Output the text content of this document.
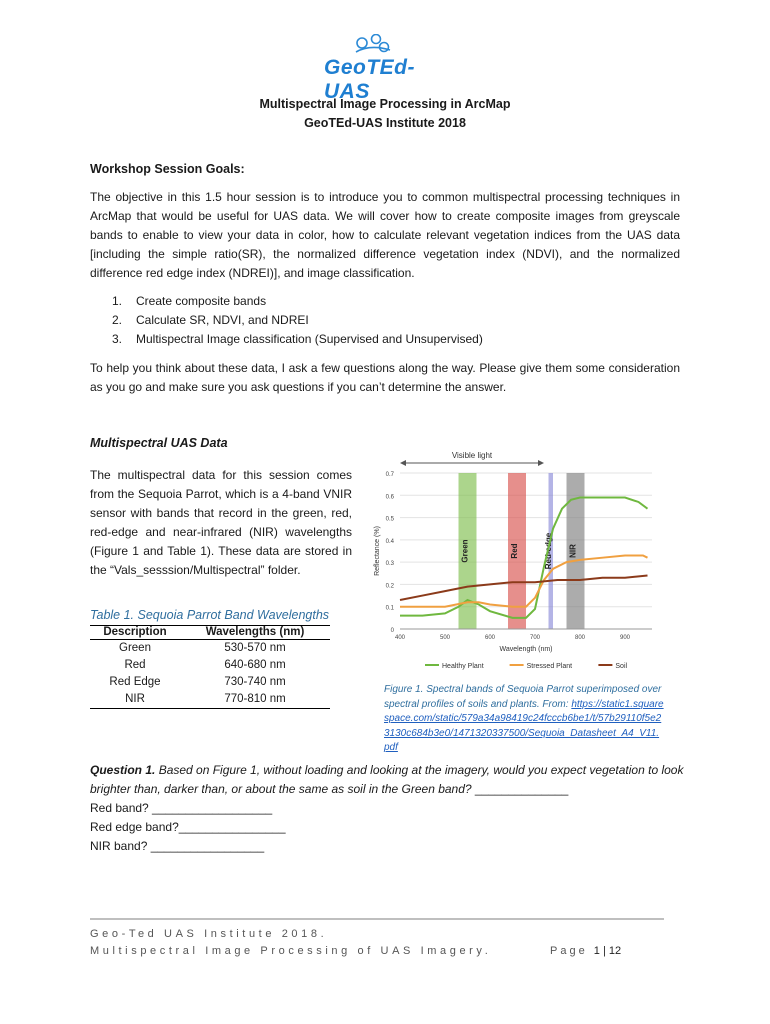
GeoTEd-UAS
Multispectral Image Processing in ArcMap
GeoTEd-UAS Institute 2018
Workshop Session Goals:
The objective in this 1.5 hour session is to introduce you to common multispectral processing techniques in ArcMap that would be useful for UAS data. We will cover how to create composite images from greyscale bands to enable to view your data in color, how to calculate relevant vegetation indices from the UAS data [including the simple ratio(SR), the normalized difference vegetation index (NDVI), and the normalized difference red edge index (NDREI)], and image classification.
1. Create composite bands
2. Calculate SR, NDVI, and NDREI
3. Multispectral Image classification (Supervised and Unsupervised)
To help you think about these data, I ask a few questions along the way. Please give them some consideration as you go and make sure you ask questions if you can’t determine the answer.
Multispectral UAS Data
The multispectral data for this session comes from the Sequoia Parrot, which is a 4-band VNIR sensor with bands that record in the green, red, red-edge and near-infrared (NIR) wavelengths (Figure 1 and Table 1). These data are stored in the “Vals_sesssion/Multispectral” folder.
Table 1. Sequoia Parrot Band Wavelengths
Description	Wavelengths (nm)
Green	530-570 nm
Red	640-680 nm
Red Edge	730-740 nm
NIR	770-810 nm
0
0.1
0.2
0.3
0.4
0.5
0.6
0.7
400	500	600	700	800	900
Green	Red	Red-edge NIR
Visible light
Wavelength (nm)
Reflectance (%)
Healthy Plant	Stressed Plant	Soil
Figure 1. Spectral bands of Sequoia Parrot superimposed over spectral profiles of soils and plants. From: https://static1.squarespace.com/static/579a34a98419c24fcccb6be1/t/57b29110f5e23130c684b3e0/1471320337500/Sequoia_Datasheet_A4_V11.pdf
Question 1. Based on Figure 1, without loading and looking at the imagery, would you expect vegetation to look brighter than, darker than, or about the same as soil in the Green band? ______________
Red band? __________________
Red edge band?________________
NIR band? _________________
Geo-Ted UAS Institute 2018.
Multispectral Image Processing of UAS Imagery.	Page 1 | 12
